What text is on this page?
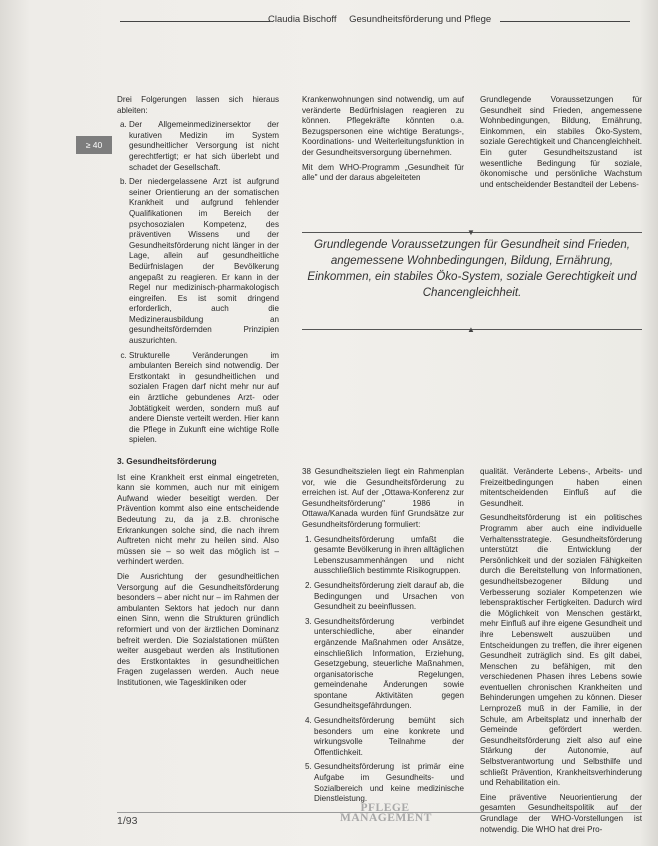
Claudia Bischoff Gesundheitsförderung und Pflege
≥ 40

Drei Folgerungen lassen sich hieraus ableiten:

a. Der Allgemeinmedizinersektor der kurativen Medizin im System gesundheitlicher Versorgung ist nicht gerechtfertigt; er hat sich überlebt und schadet der Gesellschaft.
b. Der niedergelassene Arzt ist aufgrund seiner Orientierung an der somatischen Krankheit und aufgrund fehlender Qualifikationen im Bereich der psychosozialen Kompetenz, des präventiven Wissens und der Gesundheitsförderung nicht länger in der Lage, allein auf gesundheitliche Bedürfnislagen der Bevölkerung angepaßt zu reagieren. Er kann in der Regel nur medizinisch-pharmakologisch eingreifen. Es ist somit dringend erforderlich, auch die Medizinerausbildung an gesundheitsfördernden Prinzipien auszurichten.
c. Strukturelle Veränderungen im ambulanten Bereich sind notwendig. Der Erstkontakt in gesundheitlichen und sozialen Fragen darf nicht mehr nur auf ein ärztliche gebundenes Arzt- oder Jobtätigkeit werden, sondern muß auf andere Dienste verteilt werden. Hier kann die Pflege in Zukunft eine wichtige Rolle spielen.
3. Gesundheitsförderung

Ist eine Krankheit erst einmal eingetreten, kann sie kommen, auch nur mit einigem Aufwand wieder beseitigt werden. Der Prävention kommt also eine entscheidende Bedeutung zu, da ja z.B. chronische Erkrankungen solche sind, die nach ihrem Auftreten nicht mehr zu heilen sind. Also müssen sie – so weit das möglich ist – verhindert werden.

Die Ausrichtung der gesundheitlichen Versorgung auf die Gesundheitsförderung besonders – aber nicht nur – im Rahmen der ambulanten Sektors hat jedoch nur dann einen Sinn, wenn die Strukturen gründlich reformiert und von der ärztlichen Dominanz befreit werden. Die Sozialstationen müßten weiter ausgebaut werden als Institutionen des Erstkontaktes in gesundheitlichen Fragen zugelassen werden. Auch neue Institutionen, wie Tageskliniken oder

Krankenwohnungen sind notwendig, um auf veränderte Bedürfnislagen reagieren zu können. Pflegekräfte könnten o.a. Bezugspersonen eine wichtige Beratungs-, Koordinations- und Weiterleitungsfunktion in der Gesundheitsversorgung übernehmen.

Mit dem WHO-Programm „Gesundheit für alle" und der daraus abgeleiteten

Grundlegende Voraussetzungen für Gesundheit sind Frieden, angemessene Wohnbedingungen, Bildung, Ernährung, Einkommen, ein stabiles Öko-System, soziale Gerechtigkeit und Chancengleichheit. Ein guter Gesundheitszustand ist wesentliche Bedingung für soziale, ökonomische und persönliche Wachstum und entscheidender Bestandteil der Lebens-

▼
Grundlegende Voraussetzungen für Gesundheit sind Frieden, angemessene Wohnbedingungen, Bildung, Ernährung, Einkommen, ein stabiles Öko-System, soziale Gerechtigkeit und Chancengleichheit.
▲

38 Gesundheitszielen liegt ein Rahmenplan vor, wie die Gesundheitsförderung zu erreichen ist. Auf der „Ottawa-Konferenz zur Gesundheitsförderung" 1986 in Ottawa/Kanada wurden fünf Grundsätze zur Gesundheitsförderung formuliert:

1. Gesundheitsförderung umfaßt die gesamte Bevölkerung in ihren alltäglichen Lebenszusammenhängen und nicht ausschließlich bestimmte Risikogruppen.
2. Gesundheitsförderung zielt darauf ab, die Bedingungen und Ursachen von Gesundheit zu beeinflussen.
3. Gesundheitsförderung verbindet unterschiedliche, aber einander ergänzende Maßnahmen oder Ansätze, einschließlich Information, Erziehung, Gesetzgebung, steuerliche Maßnahmen, organisatorische Regelungen, gemeindenahe Änderungen sowie spontane Aktivitäten gegen Gesundheitsgefährdungen.
4. Gesundheitsförderung bemüht sich besonders um eine konkrete und wirkungsvolle Teilnahme der Öffentlichkeit.
5. Gesundheitsförderung ist primär eine Aufgabe im Gesundheits- und Sozialbereich und keine medizinische Dienstleistung.

qualität. Veränderte Lebens-, Arbeits- und Freizeitbedingungen haben einen mitentscheidenden Einfluß auf die Gesundheit.

Gesundheitsförderung ist ein politisches Programm aber auch eine individuelle Verhaltensstrategie. Gesundheitsförderung unterstützt die Entwicklung der Persönlichkeit und der sozialen Fähigkeiten durch die Bereitstellung von Informationen, gesundheitsbezogener Bildung und Verbesserung sozialer Kompetenzen wie lebenspraktischer Fertigkeiten. Dadurch wird die Möglichkeit von Menschen gestärkt, mehr Einfluß auf ihre eigene Gesundheit und ihre Lebenswelt auszuüben und Entscheidungen zu treffen, die ihrer eigenen Gesundheit zuträglich sind. Es gilt dabei, Menschen zu befähigen, mit den verschiedenen Phasen ihres Lebens sowie eventuellen chronischen Krankheiten und Behinderungen umgehen zu können. Dieser Lernprozeß muß in der Familie, in der Schule, am Arbeitsplatz und innerhalb der Gemeinde gefördert werden. Gesundheitsförderung zielt also auf eine Stärkung der Autonomie, auf Selbstverantwortung und Selbsthilfe und schließt Prävention, Krankheitsverhinderung und Rehabilitation ein.

Eine präventive Neuorientierung der gesamten Gesundheitspolitik auf der Grundlage der WHO-Vorstellungen ist notwendig. Die WHO hat drei Pro-

1/93
PFLEGE
MANAGEMENT
